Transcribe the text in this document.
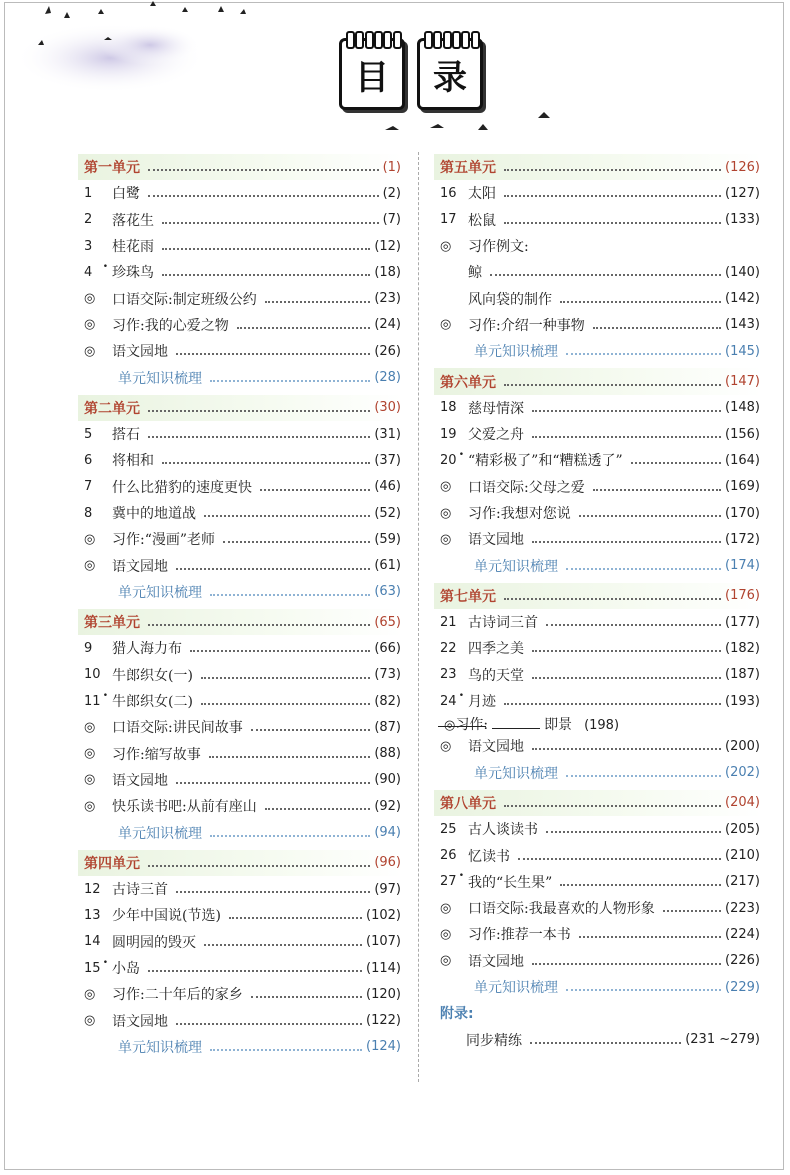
目 录
第一单元	(1)
1	白鹭	(2)
2	落花生	(7)
3	桂花雨	(12)
4 • 珍珠鸟	(18)
◎	口语交际:制定班级公约	(23)
◎	习作:我的心爱之物	(24)
◎	语文园地	(26)
单元知识梳理	(28)
第二单元	(30)
5	搭石	(31)
6	将相和	(37)
7	什么比猎豹的速度更快	(46)
8	冀中的地道战	(52)
◎	习作:“漫画”老师	(59)
◎	语文园地	(61)
单元知识梳理	(63)
第三单元	(65)
9	猎人海力布	(66)
10 牛郎织女(一)	(73)
11 • 牛郎织女(二)	(82)
◎	口语交际:讲民间故事	(87)
◎	习作:缩写故事	(88)
◎	语文园地	(90)
◎	快乐读书吧:从前有座山	(92)
单元知识梳理	(94)
第四单元	(96)
12 古诗三首	(97)
13 少年中国说(节选)	(102)
14 圆明园的毁灭	(107)
15 • 小岛	(114)
◎	习作:二十年后的家乡	(120)
◎	语文园地	(122)
单元知识梳理	(124)
第五单元	(126)
16 太阳	(127)
17 松鼠	(133)
◎	习作例文:
鲸	(140)
风向袋的制作	(142)
◎	习作:介绍一种事物	(143)
单元知识梳理	(145)
第六单元	(147)
18 慈母情深	(148)
19 父爱之舟	(156)
20 • “精彩极了”和“糟糕透了”	(164)
◎	口语交际:父母之爱	(169)
◎	习作:我想对您说	(170)
◎	语文园地	(172)
单元知识梳理	(174)
第七单元	(176)
21 古诗词三首	(177)
22 四季之美	(182)
23 鸟的天堂	(187)
24 • 月迹	(193)
◎习作:	即景 (198)
◎	语文园地	(200)
单元知识梳理	(202)
第八单元	(204)
25 古人谈读书	(205)
26 忆读书	(210)
27 • 我的“长生果”	(217)
◎	口语交际:我最喜欢的人物形象	(223)
◎	习作:推荐一本书	(224)
◎	语文园地	(226)
单元知识梳理	(229)
附录:
同步精练	(231 ~279)
